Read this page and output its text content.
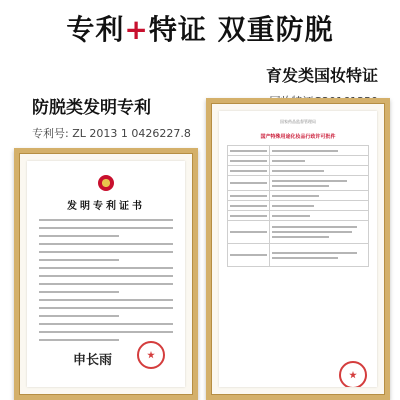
专利+特证 双重防脱
育发类国妆特证
防脱类发明专利
专利号: ZL 2013 1 0426227.8
发明专利证书
申长雨
国家药品监督管理局
国产特殊用途化妆品行政许可批件
